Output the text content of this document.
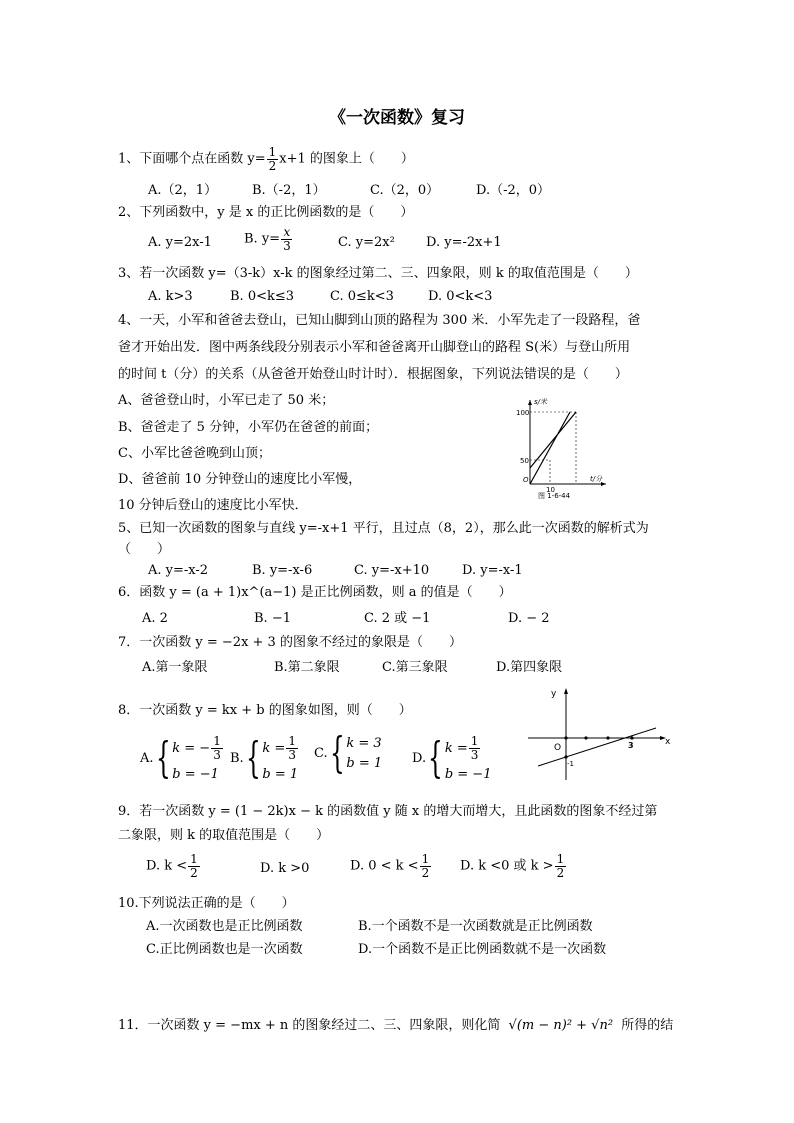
《一次函数》复习
1、下面哪个点在函数 $y= \frac{1}{2} x+1$ 的图象上（　　）
A.（2，1）	B.（-2，1）	C.（2，0）	D.（-2，0）
2、下列函数中，y 是 x 的正比例函数的是（　　）
A. y=2x-1 B. $y= \frac{x}{3}$	C. y=2x² D. y=-2x+1
3、若一次函数 y=（3-k）x-k 的图象经过第二、三、四象限，则 k 的取值范围是（　　）
A. k>3	B. 0<k≤3	C. 0≤k<3	D. 0<k<3
4、一天，小军和爸爸去登山，已知山脚到山顶的路程为 300 米．小军先走了一段路程，爸
爸才开始出发．图中两条线段分别表示小军和爸爸离开山脚登山的路程 S(米）与登山所用
的时间 t（分）的关系（从爸爸开始登山时计时）．根据图象，下列说法错误的是（　　）
A、爸爸登山时，小军已走了 50 米；
B、爸爸走了 5 分钟，小军仍在爸爸的前面；
C、小军比爸爸晚到山顶；
D、爸爸前 10 分钟登山的速度比小军慢，
10 分钟后登山的速度比小军快．
s/米
100
50
O
10
t/分
图 1-6-44
5、已知一次函数的图象与直线 y=-x+1 平行，且过点（8，2），那么此一次函数的解析式为
（　　）
A. y=-x-2	B. y=-x-6	C. y=-x+10	D. y=-x-1
6．函数 y = (a + 1)x^(a−1) 是正比例函数，则 a 的值是（　　）
A. 2	B. −1	C. 2 或 −1	D. − 2
7．一次函数 y = −2x + 3 的图象不经过的象限是（　　）
A.第一象限	B.第二象限	C.第三象限	D.第四象限
8．一次函数 y = kx + b 的图象如图，则（　　）
A. { k = − $\frac{1}{3}$
b = −1
B. { $k = \frac{1}{3}$
b = 1
C. { k = 3
b = 1 D. { $k = \frac{1}{3}$
b = −1
y
x
O	3
-1
9．若一次函数 y = (1 − 2k)x − k 的函数值 y 随 x 的增大而增大，且此函数的图象不经过第
二象限，则 k 的取值范围是（　　）
D. $k < \frac{1}{2}$	D. k >0	D. $0 < k < \frac{1}{2} D$. k <0 或 $k > \frac{1}{2}$
10.下列说法正确的是（　　）
A.一次函数也是正比例函数	B.一个函数不是一次函数就是正比例函数
C.正比例函数也是一次函数	D.一个函数不是正比例函数就不是一次函数
11．一次函数 y = −mx + n 的图象经过二、三、四象限，则化简 √(m − n)² + √n² 所得的结
